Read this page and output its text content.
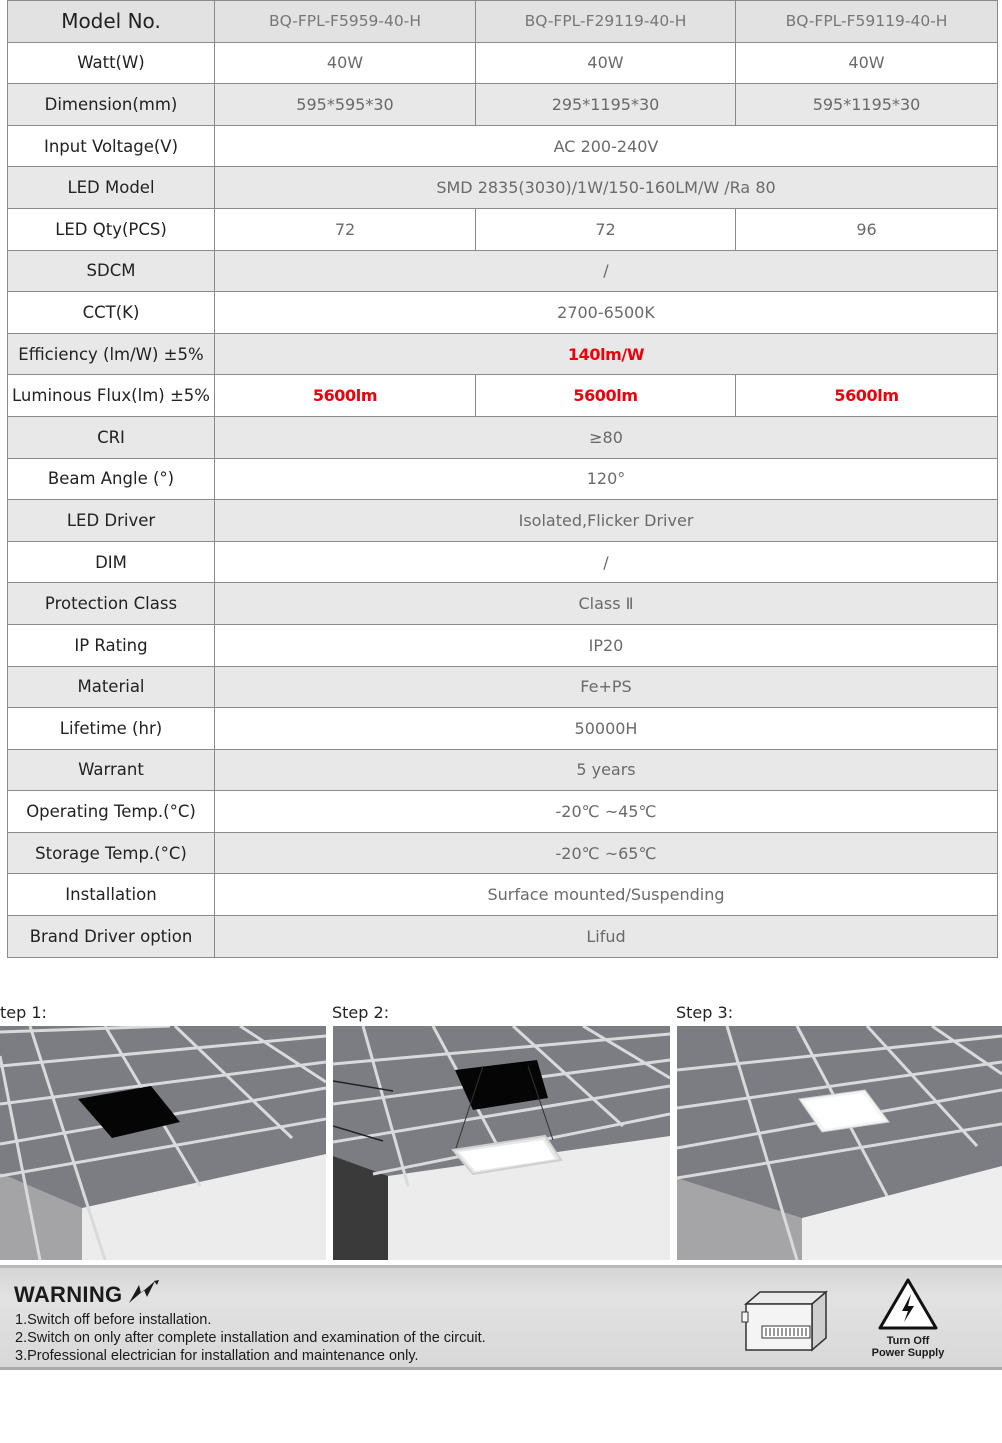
Model No.	BQ-FPL-F5959-40-H	BQ-FPL-F29119-40-H	BQ-FPL-F59119-40-H
Watt(W)	40W	40W	40W
Dimension(mm)	595*595*30	295*1195*30	595*1195*30
Input Voltage(V)	AC 200-240V		
LED Model	SMD 2835(3030)/1W/150-160LM/W /Ra 80		
LED Qty(PCS)	72	72	96
SDCM	/		
CCT(K)	2700-6500K		
Efficiency (lm/W) ±5%	140lm/W		
Luminous Flux(lm) ±5%	5600lm	5600lm	5600lm
CRI	≥80		
Beam Angle (°)	120°		
LED Driver	Isolated,Flicker Driver		
DIM	/		
Protection Class	Class Ⅱ		
IP Rating	IP20		
Material	Fe+PS		
Lifetime (hr)	50000H		
Warrant	5 years		
Operating Temp.(°C)	-20℃ ~45℃		
Storage Temp.(°C)	-20℃ ~65℃		
Installation	Surface mounted/Suspending		
Brand Driver option	Lifud		
tep 1:	Step 2:	Step 3:
WARNING
1.Switch off before installation.
2.Switch on only after complete installation and examination of the circuit.
3.Professional electrician for installation and maintenance only.
Turn Off
Power Supply
